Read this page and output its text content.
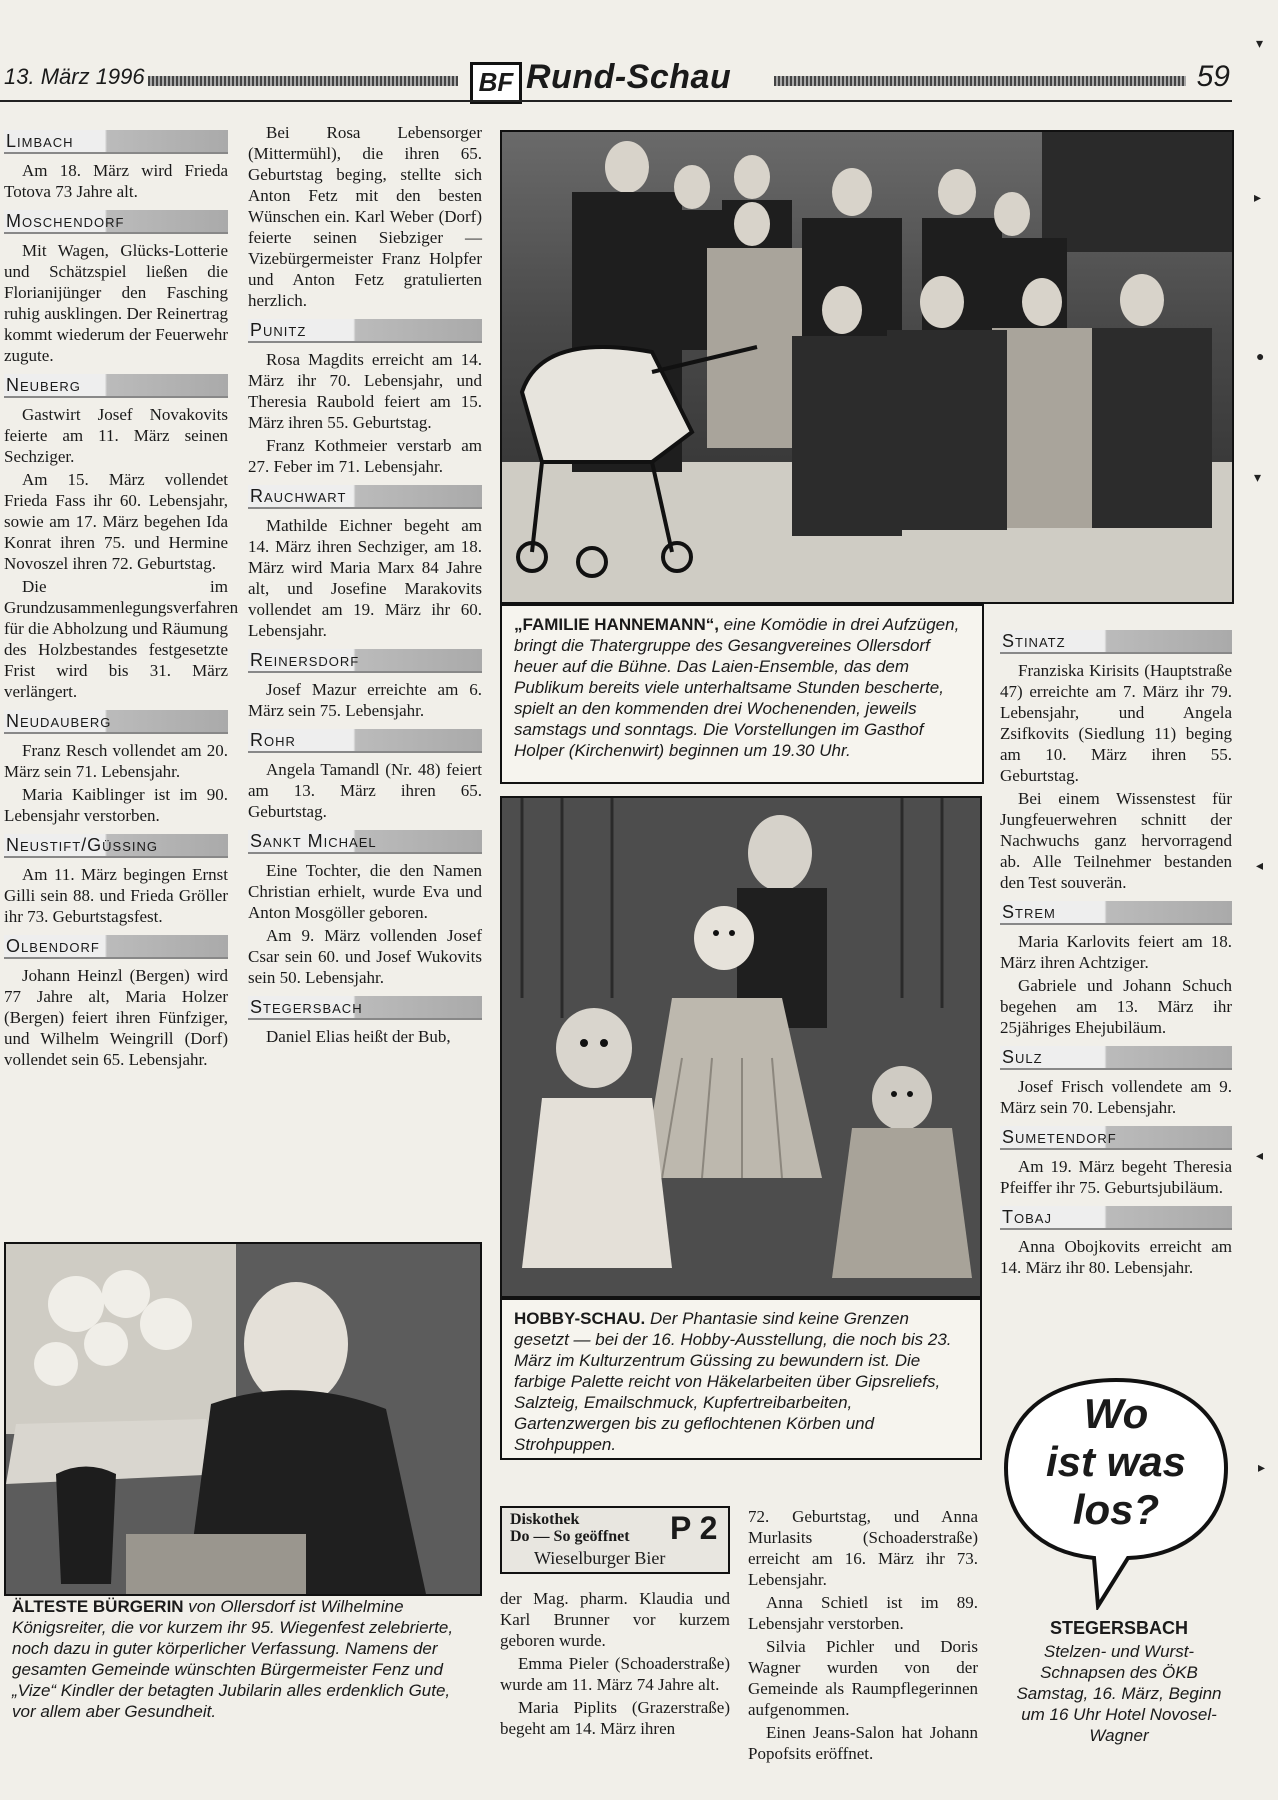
13. März 1996	BF Rund-Schau	59
Limbach

Am 18. März wird Frieda Totova 73 Jahre alt.

Moschendorf

Mit Wagen, Glücks-Lotterie und Schätzspiel ließen die Florianijünger den Fasching ruhig ausklingen. Der Reinertrag kommt wiederum der Feuerwehr zugute.

Neuberg

Gastwirt Josef Novakovits feierte am 11. März seinen Sechziger.

Am 15. März vollendet Frieda Fass ihr 60. Lebensjahr, sowie am 17. März begehen Ida Konrat ihren 75. und Hermine Novoszel ihren 72. Geburtstag.

Die im Grundzusammenlegungsverfahren für die Abholzung und Räumung des Holzbestandes festgesetzte Frist wird bis 31. März verlängert.

Neudauberg

Franz Resch vollendet am 20. März sein 71. Lebensjahr.

Maria Kaiblinger ist im 90. Lebensjahr verstorben.

Neustift/Güssing

Am 11. März begingen Ernst Gilli sein 88. und Frieda Gröller ihr 73. Geburtstagsfest.

Olbendorf

Johann Heinzl (Bergen) wird 77 Jahre alt, Maria Holzer (Bergen) feiert ihren Fünfziger, und Wilhelm Weingrill (Dorf) vollendet sein 65. Lebensjahr.

Bei Rosa Lebensorger (Mittermühl), die ihren 65. Geburtstag beging, stellte sich Anton Fetz mit den besten Wünschen ein. Karl Weber (Dorf) feierte seinen Siebziger — Vizebürgermeister Franz Holpfer und Anton Fetz gratulierten herzlich.

Punitz

Rosa Magdits erreicht am 14. März ihr 70. Lebensjahr, und Theresia Raubold feiert am 15. März ihren 55. Geburtstag.

Franz Kothmeier verstarb am 27. Feber im 71. Lebensjahr.

Rauchwart

Mathilde Eichner begeht am 14. März ihren Sechziger, am 18. März wird Maria Marx 84 Jahre alt, und Josefine Marakovits vollendet am 19. März ihr 60. Lebensjahr.

Reinersdorf

Josef Mazur erreichte am 6. März sein 75. Lebensjahr.

Rohr

Angela Tamandl (Nr. 48) feiert am 13. März ihren 65. Geburtstag.

Sankt Michael

Eine Tochter, die den Namen Christian erhielt, wurde Eva und Anton Mosgöller geboren.

Am 9. März vollenden Josef Csar sein 60. und Josef Wukovits sein 50. Lebensjahr.

Stegersbach

Daniel Elias heißt der Bub,

„FAMILIE HANNEMANN“, eine Komödie in drei Aufzügen, bringt die Thatergruppe des Gesangvereines Ollersdorf heuer auf die Bühne. Das Laien-Ensemble, das dem Publikum bereits viele unterhaltsame Stunden bescherte, spielt an den kommenden drei Wochenenden, jeweils samstags und sonntags. Die Vorstellungen im Gasthof Holper (Kirchenwirt) beginnen um 19.30 Uhr.
HOBBY-SCHAU. Der Phantasie sind keine Grenzen gesetzt — bei der 16. Hobby-Ausstellung, die noch bis 23. März im Kulturzentrum Güssing zu bewundern ist. Die farbige Palette reicht von Häkelarbeiten über Gipsreliefs, Salzteig, Emailschmuck, Kupfertreibarbeiten, Gartenzwergen bis zu geflochtenen Körben und Strohpuppen.
ÄLTESTE BÜRGERIN von Ollersdorf ist Wilhelmine Königsreiter, die vor kurzem ihr 95. Wiegenfest zelebrierte, noch dazu in guter körperlicher Verfassung. Namens der gesamten Gemeinde wünschten Bürgermeister Fenz und „Vize“ Kindler der betagten Jubilarin alles erdenklich Gute, vor allem aber Gesundheit.
Diskothek
Do — So geöffnet P 2
Wieselburger Bier

der Mag. pharm. Klaudia und Karl Brunner vor kurzem geboren wurde.

Emma Pieler (Schoaderstraße) wurde am 11. März 74 Jahre alt.

Maria Piplits (Grazerstraße) begeht am 14. März ihren

72. Geburtstag, und Anna Murlasits (Schoaderstraße) erreicht am 16. März ihr 73. Lebensjahr.

Anna Schietl ist im 89. Lebensjahr verstorben.

Silvia Pichler und Doris Wagner wurden von der Gemeinde als Raumpflegerinnen aufgenommen.

Einen Jeans-Salon hat Johann Popofsits eröffnet.

Stinatz

Franziska Kirisits (Hauptstraße 47) erreichte am 7. März ihr 79. Lebensjahr, und Angela Zsifkovits (Siedlung 11) beging am 10. März ihren 55. Geburtstag.

Bei einem Wissenstest für Jungfeuerwehren schnitt der Nachwuchs ganz hervorragend ab. Alle Teilnehmer bestanden den Test souverän.

Strem

Maria Karlovits feiert am 18. März ihren Achtziger.

Gabriele und Johann Schuch begehen am 13. März ihr 25jähriges Ehejubiläum.

Sulz

Josef Frisch vollendete am 9. März sein 70. Lebensjahr.

Sumetendorf

Am 19. März begeht Theresia Pfeiffer ihr 75. Geburtsjubiläum.

Tobaj

Anna Obojkovits erreicht am 14. März ihr 80. Lebensjahr.

Wo
ist was
los?
STEGERSBACH
Stelzen- und Wurst-Schnapsen des ÖKB Samstag, 16. März, Beginn um 16 Uhr Hotel Novosel-Wagner
▾
▸
●
▾
◂
◂
▸
